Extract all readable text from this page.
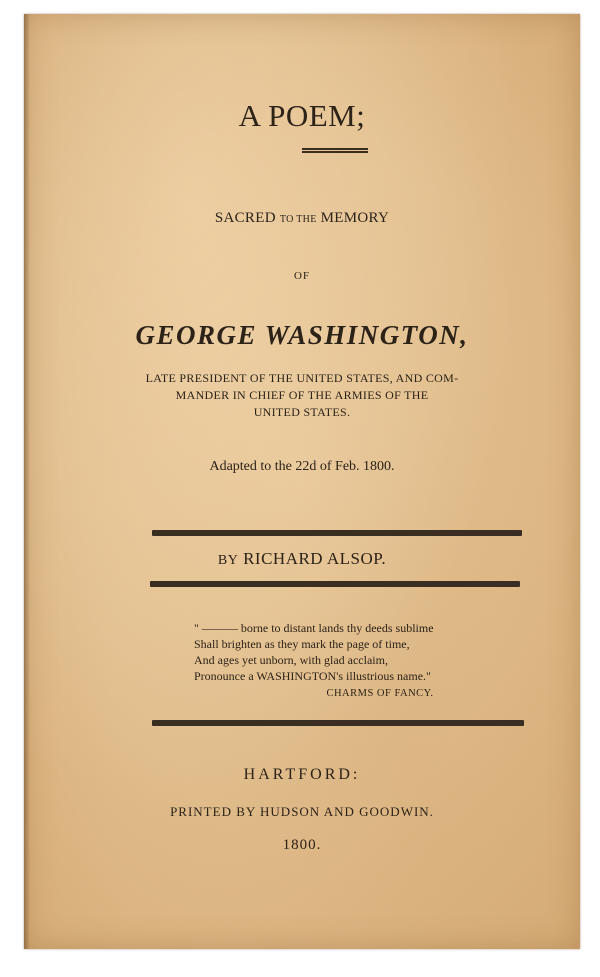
A POEM;
SACRED TO THE MEMORY
OF
GEORGE WASHINGTON,
LATE PRESIDENT OF THE UNITED STATES, AND COM-
MANDER IN CHIEF OF THE ARMIES OF THE
UNITED STATES.
Adapted to the 22d of Feb. 1800.
BY RICHARD ALSOP.
" ——— borne to distant lands thy deeds sublime
Shall brighten as they mark the page of time,
And ages yet unborn, with glad acclaim,
Pronounce a WASHINGTON's illustrious name."
CHARMS OF FANCY.
HARTFORD:
PRINTED BY HUDSON AND GOODWIN.
1800.
